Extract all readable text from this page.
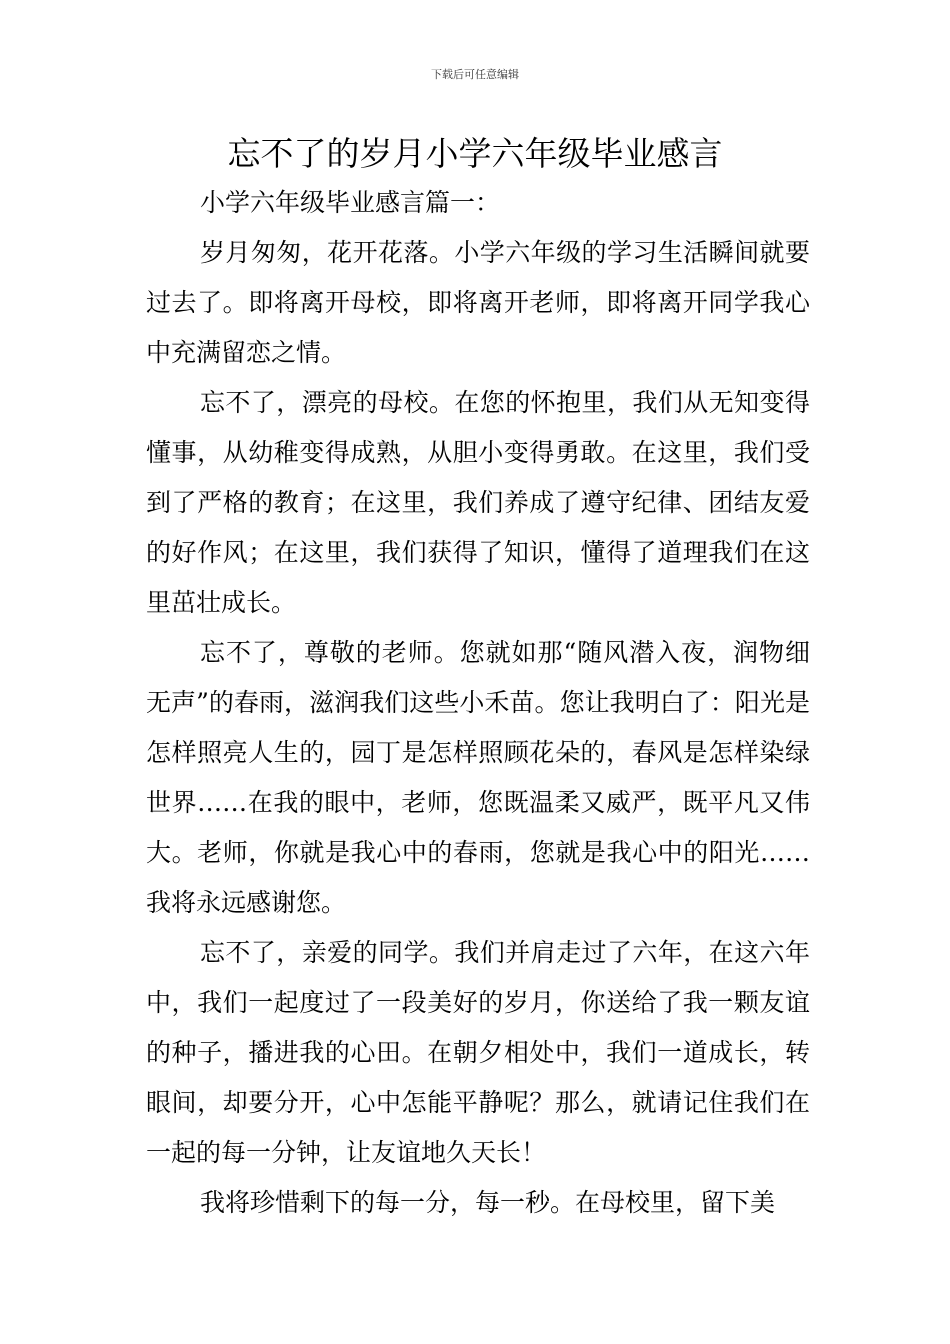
下载后可任意编辑
忘不了的岁月小学六年级毕业感言

小学六年级毕业感言篇一：

岁月匆匆，花开花落。小学六年级的学习生活瞬间就要过去了。即将离开母校，即将离开老师，即将离开同学我心中充满留恋之情。

忘不了，漂亮的母校。在您的怀抱里，我们从无知变得懂事，从幼稚变得成熟，从胆小变得勇敢。在这里，我们受到了严格的教育；在这里，我们养成了遵守纪律、团结友爱的好作风；在这里，我们获得了知识，懂得了道理我们在这里茁壮成长。

忘不了，尊敬的老师。您就如那“随风潜入夜，润物细无声”的春雨，滋润我们这些小禾苗。您让我明白了：阳光是怎样照亮人生的，园丁是怎样照顾花朵的，春风是怎样染绿世界……在我的眼中，老师，您既温柔又威严，既平凡又伟大。老师，你就是我心中的春雨，您就是我心中的阳光……我将永远感谢您。

忘不了，亲爱的同学。我们并肩走过了六年，在这六年中，我们一起度过了一段美好的岁月，你送给了我一颗友谊的种子，播进我的心田。在朝夕相处中，我们一道成长，转眼间，却要分开，心中怎能平静呢？那么，就请记住我们在一起的每一分钟，让友谊地久天长！

我将珍惜剩下的每一分，每一秒。在母校里，留下美
